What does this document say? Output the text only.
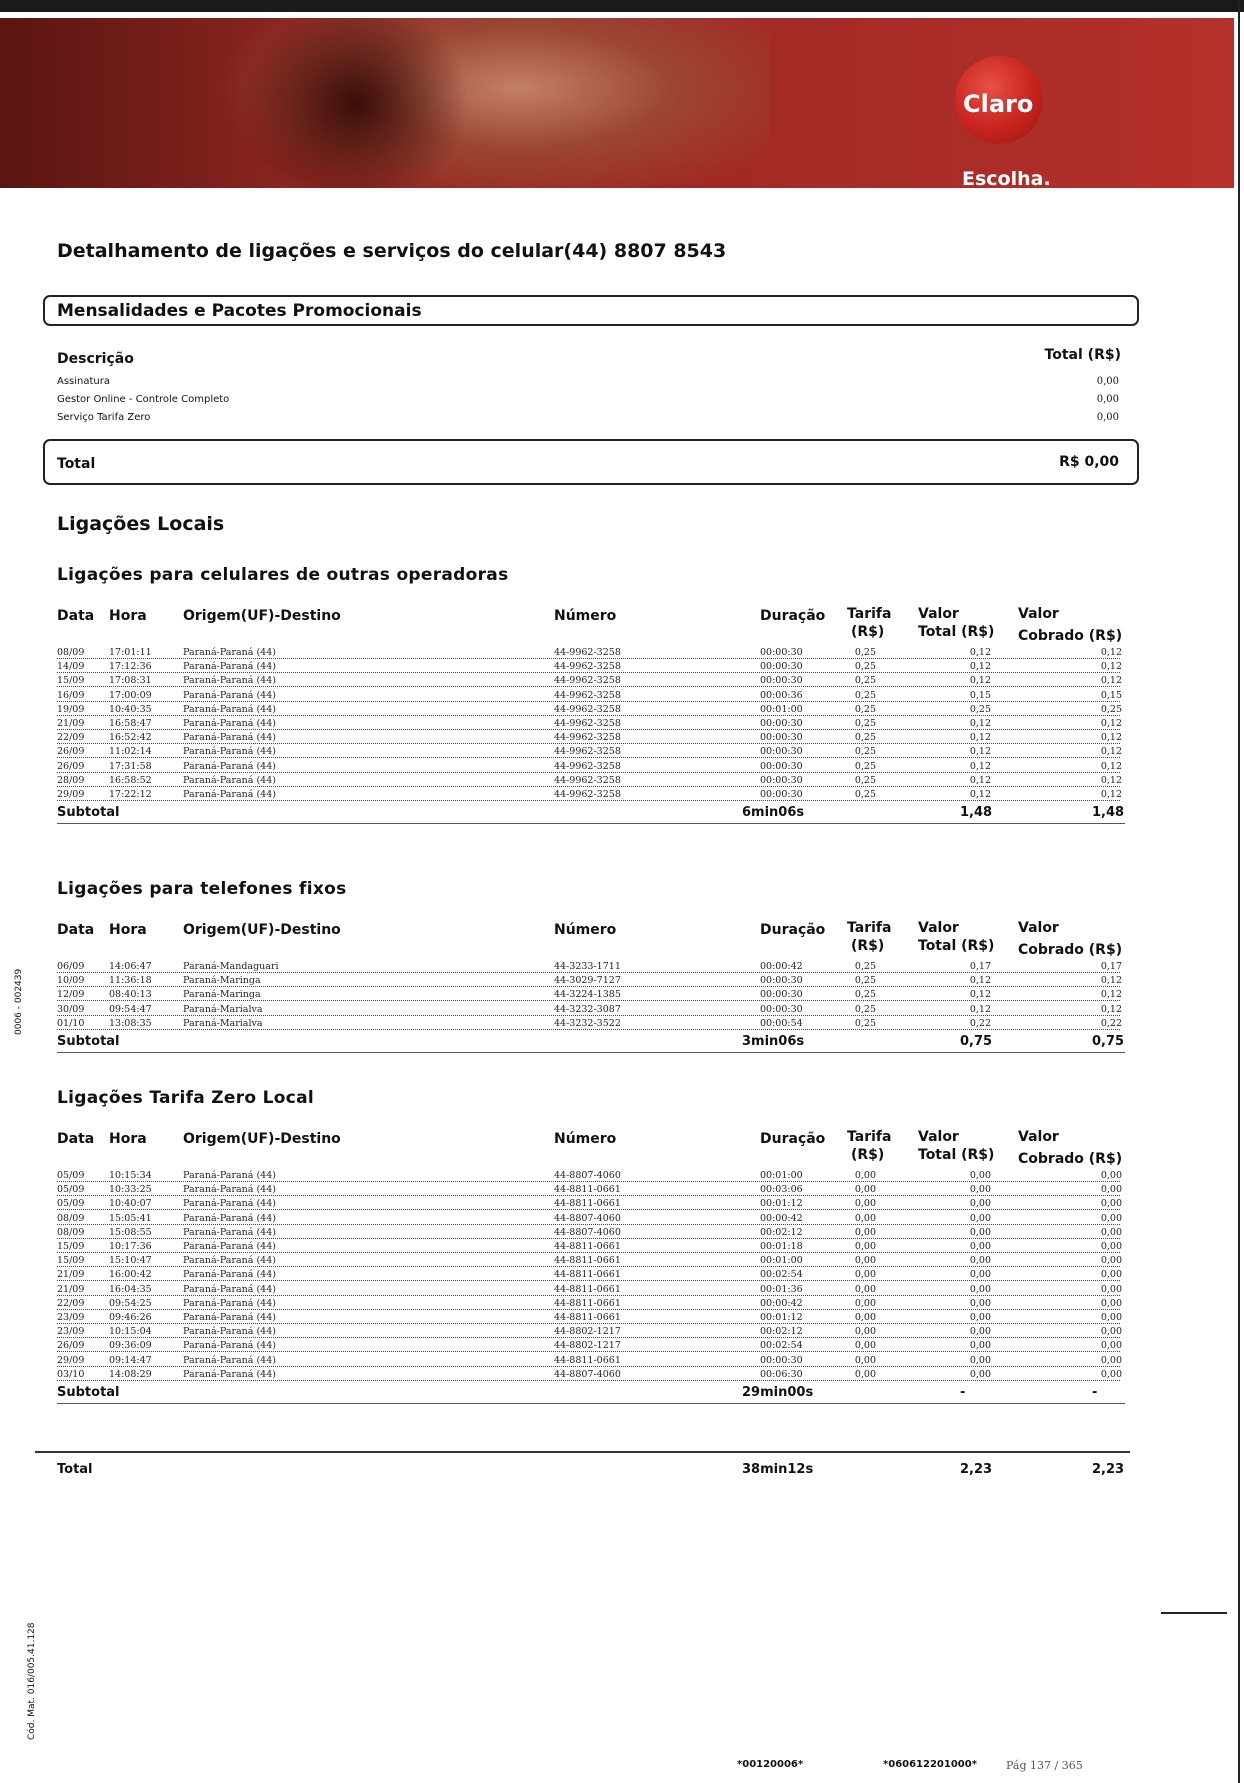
Claro
Escolha.
Detalhamento de ligações e serviços do celular(44) 8807 8543
Mensalidades e Pacotes Promocionais
Descrição	Total (R$)
Assinatura	0,00
Gestor Online - Controle Completo	0,00
Serviço Tarifa Zero	0,00
Total	R$ 0,00
Ligações Locais
Ligações para celulares de outras operadoras
Data Hora	Origem(UF)-Destino	Número	Duração Tarifa
(R$)
Valor
Total (R$)
Valor
Cobrado (R$)
08/09	17:01:11	Paraná-Paraná (44)	44-9962-3258	00:00:30	0,25	0,12	0,12
14/09	17:12:36	Paraná-Paraná (44)	44-9962-3258	00:00:30	0,25	0,12	0,12
15/09	17:08:31	Paraná-Paraná (44)	44-9962-3258	00:00:30	0,25	0,12	0,12
16/09	17:00:09	Paraná-Paraná (44)	44-9962-3258	00:00:36	0,25	0,15	0,15
19/09	10:40:35	Paraná-Paraná (44)	44-9962-3258	00:01:00	0,25	0,25	0,25
21/09	16:58:47	Paraná-Paraná (44)	44-9962-3258	00:00:30	0,25	0,12	0,12
22/09	16:52:42	Paraná-Paraná (44)	44-9962-3258	00:00:30	0,25	0,12	0,12
26/09	11:02:14	Paraná-Paraná (44)	44-9962-3258	00:00:30	0,25	0,12	0,12
26/09	17:31:58	Paraná-Paraná (44)	44-9962-3258	00:00:30	0,25	0,12	0,12
28/09	16:58:52	Paraná-Paraná (44)	44-9962-3258	00:00:30	0,25	0,12	0,12
29/09	17:22:12	Paraná-Paraná (44)	44-9962-3258	00:00:30	0,25	0,12	0,12
Subtotal	6min06s	1,48	1,48
Ligações para telefones fixos
Data Hora	Origem(UF)-Destino	Número	Duração Tarifa
(R$)
Valor
Total (R$)
Valor
Cobrado (R$)
06/09	14:06:47	Paraná-Mandaguari	44-3233-1711	00:00:42	0,25	0,17	0,17
10/09	11:36:18	Paraná-Maringa	44-3029-7127	00:00:30	0,25	0,12	0,12
12/09	08:40:13	Paraná-Maringa	44-3224-1385	00:00:30	0,25	0,12	0,12
30/09	09:54:47	Paraná-Marialva	44-3232-3087	00:00:30	0,25	0,12	0,12
01/10	13:08:35	Paraná-Marialva	44-3232-3522	00:00:54	0,25	0,22	0,22
Subtotal	3min06s	0,75	0,75
Ligações Tarifa Zero Local
Data Hora	Origem(UF)-Destino	Número	Duração Tarifa
(R$)
Valor
Total (R$)
Valor
Cobrado (R$)
05/09	10:15:34	Paraná-Paraná (44)	44-8807-4060	00:01:00	0,00	0,00	0,00
05/09	10:33:25	Paraná-Paraná (44)	44-8811-0661	00:03:06	0,00	0,00	0,00
05/09	10:40:07	Paraná-Paraná (44)	44-8811-0661	00:01:12	0,00	0,00	0,00
08/09	15:05:41	Paraná-Paraná (44)	44-8807-4060	00:00:42	0,00	0,00	0,00
08/09	15:08:55	Paraná-Paraná (44)	44-8807-4060	00:02:12	0,00	0,00	0,00
15/09	10:17:36	Paraná-Paraná (44)	44-8811-0661	00:01:18	0,00	0,00	0,00
15/09	15:10:47	Paraná-Paraná (44)	44-8811-0661	00:01:00	0,00	0,00	0,00
21/09	16:00:42	Paraná-Paraná (44)	44-8811-0661	00:02:54	0,00	0,00	0,00
21/09	16:04:35	Paraná-Paraná (44)	44-8811-0661	00:01:36	0,00	0,00	0,00
22/09	09:54:25	Paraná-Paraná (44)	44-8811-0661	00:00:42	0,00	0,00	0,00
23/09	09:46:26	Paraná-Paraná (44)	44-8811-0661	00:01:12	0,00	0,00	0,00
23/09	10:15:04	Paraná-Paraná (44)	44-8802-1217	00:02:12	0,00	0,00	0,00
26/09	09:36:09	Paraná-Paraná (44)	44-8802-1217	00:02:54	0,00	0,00	0,00
29/09	09:14:47	Paraná-Paraná (44)	44-8811-0661	00:00:30	0,00	0,00	0,00
03/10	14:08:29	Paraná-Paraná (44)	44-8807-4060	00:06:30	0,00	0,00	0,00
Subtotal	29min00s	-	-
Total	38min12s	2,23	2,23
0006 - 002439
Cód. Mat. 016/005.41.128
*00120006*	*060612201000*	Pág 137 / 365
